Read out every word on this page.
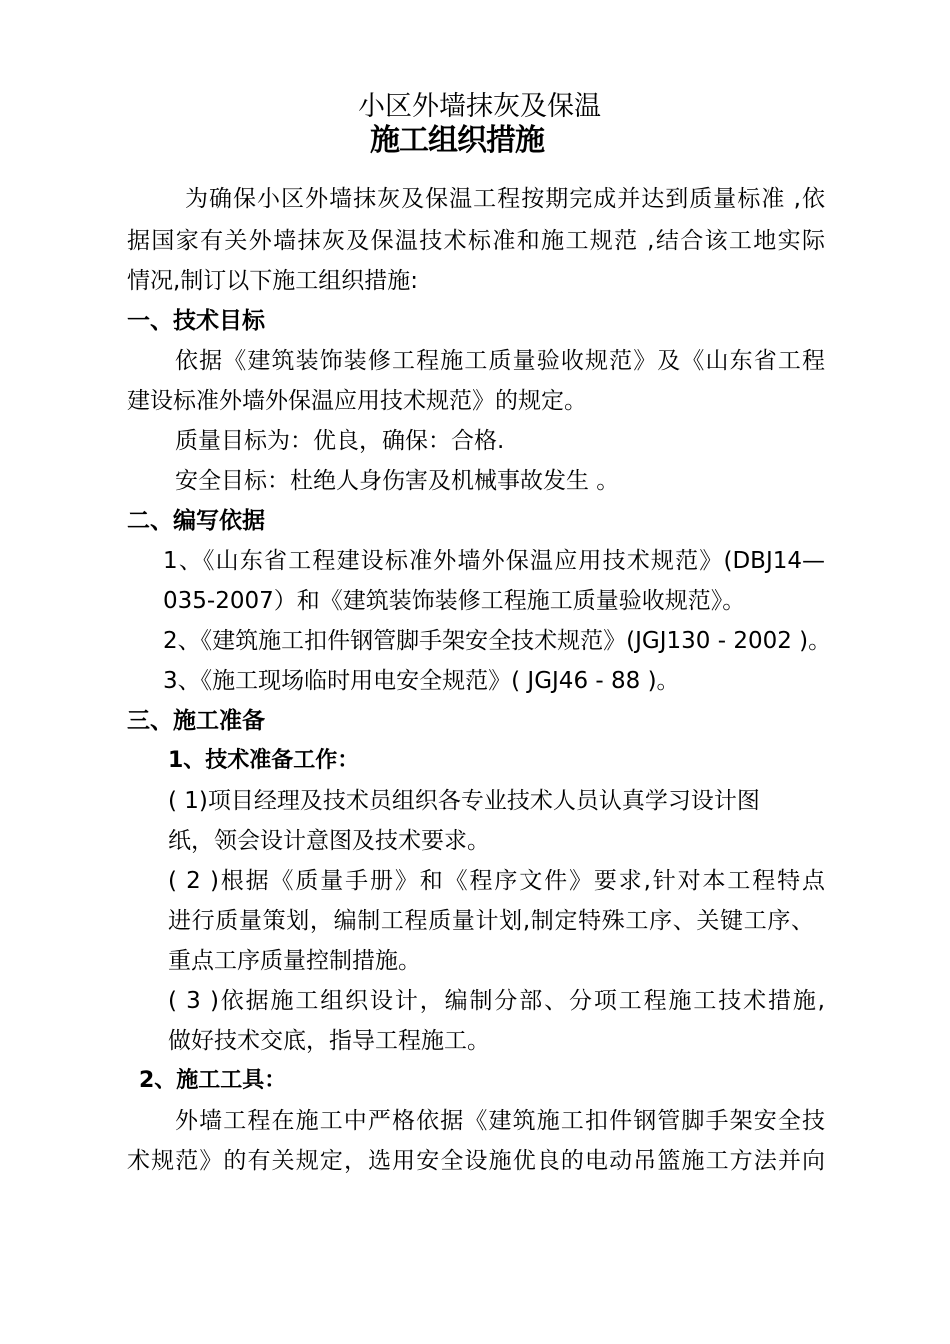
小区外墙抹灰及保温
施工组织措施
为确保小区外墙抹灰及保温工程按期完成并达到质量标准 ,依
据国家有关外墙抹灰及保温技术标准和施工规范 ,结合该工地实际
情况,制订以下施工组织措施:
一、技术目标
依据《建筑装饰装修工程施工质量验收规范》及《山东省工程
建设标准外墙外保温应用技术规范》的规定。
质量目标为：优良，确保：合格.
安全目标：杜绝人身伤害及机械事故发生 。
二、编写依据
1、《山东省工程建设标准外墙外保温应用技术规范》(DBJ14—
035-2007）和《建筑装饰装修工程施工质量验收规范》。
2、《建筑施工扣件钢管脚手架安全技术规范》(JGJ130 - 2002 )。
3、《施工现场临时用电安全规范》( JGJ46 - 88 )。
三、施工准备
1、技术准备工作：
( 1)项目经理及技术员组织各专业技术人员认真学习设计图
纸，领会设计意图及技术要求。
( 2 )根据《质量手册》和《程序文件》要求,针对本工程特点
进行质量策划，编制工程质量计划,制定特殊工序、关键工序、
重点工序质量控制措施。
( 3 )依据施工组织设计，编制分部、分项工程施工技术措施,
做好技术交底，指导工程施工。
2、施工工具：
外墙工程在施工中严格依据《建筑施工扣件钢管脚手架安全技
术规范》的有关规定，选用安全设施优良的电动吊篮施工方法并向
